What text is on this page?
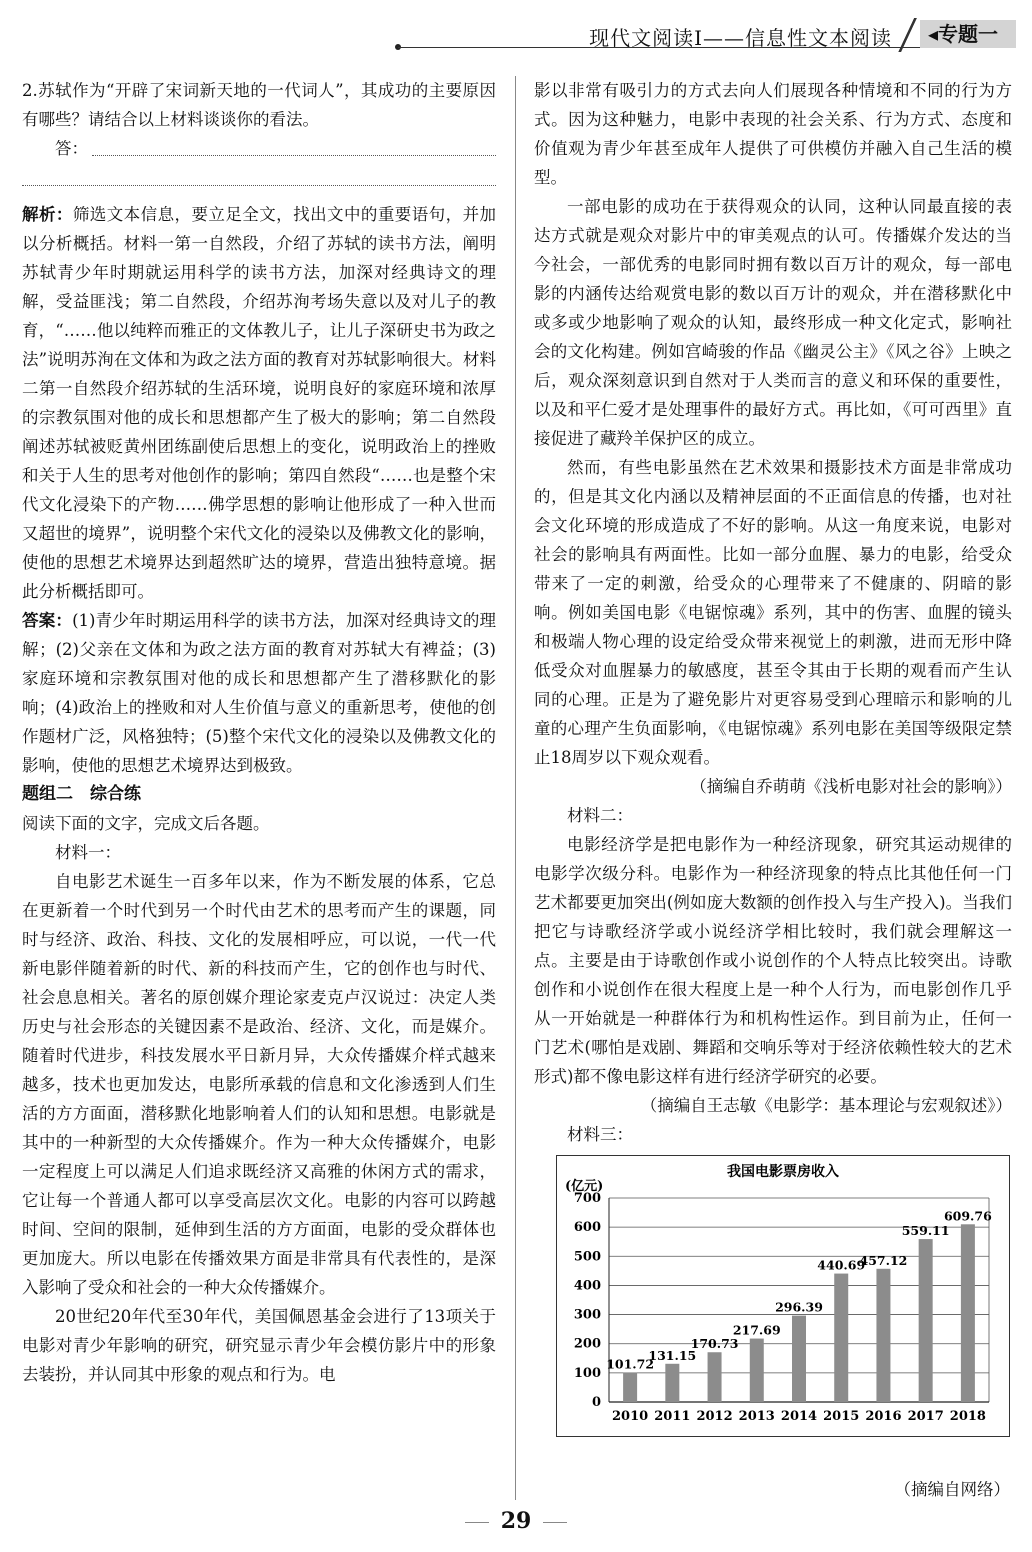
现代文阅读Ⅰ——信息性文本阅读	◂专题一

2.苏轼作为“开辟了宋词新天地的一代词人”，其成功的主要原因有哪些？请结合以上材料谈谈你的看法。

答：

解析：筛选文本信息，要立足全文，找出文中的重要语句，并加以分析概括。材料一第一自然段，介绍了苏轼的读书方法，阐明苏轼青少年时期就运用科学的读书方法，加深对经典诗文的理解，受益匪浅；第二自然段，介绍苏洵考场失意以及对儿子的教育，“……他以纯粹而雅正的文体教儿子，让儿子深研史书为政之法”说明苏洵在文体和为政之法方面的教育对苏轼影响很大。材料二第一自然段介绍苏轼的生活环境，说明良好的家庭环境和浓厚的宗教氛围对他的成长和思想都产生了极大的影响；第二自然段阐述苏轼被贬黄州团练副使后思想上的变化，说明政治上的挫败和关于人生的思考对他创作的影响；第四自然段“……也是整个宋代文化浸染下的产物……佛学思想的影响让他形成了一种入世而又超世的境界”，说明整个宋代文化的浸染以及佛教文化的影响，使他的思想艺术境界达到超然旷达的境界，营造出独特意境。据此分析概括即可。

答案：(1)青少年时期运用科学的读书方法，加深对经典诗文的理解；(2)父亲在文体和为政之法方面的教育对苏轼大有裨益；(3)家庭环境和宗教氛围对他的成长和思想都产生了潜移默化的影响；(4)政治上的挫败和对人生价值与意义的重新思考，使他的创作题材广泛，风格独特；(5)整个宋代文化的浸染以及佛教文化的影响，使他的思想艺术境界达到极致。

题组二　综合练

阅读下面的文字，完成文后各题。

材料一：

自电影艺术诞生一百多年以来，作为不断发展的体系，它总在更新着一个时代到另一个时代由艺术的思考而产生的课题，同时与经济、政治、科技、文化的发展相呼应，可以说，一代一代新电影伴随着新的时代、新的科技而产生，它的创作也与时代、社会息息相关。著名的原创媒介理论家麦克卢汉说过：决定人类历史与社会形态的关键因素不是政治、经济、文化，而是媒介。随着时代进步，科技发展水平日新月异，大众传播媒介样式越来越多，技术也更加发达，电影所承载的信息和文化渗透到人们生活的方方面面，潜移默化地影响着人们的认知和思想。电影就是其中的一种新型的大众传播媒介。作为一种大众传播媒介，电影一定程度上可以满足人们追求既经济又高雅的休闲方式的需求，它让每一个普通人都可以享受高层次文化。电影的内容可以跨越时间、空间的限制，延伸到生活的方方面面，电影的受众群体也更加庞大。所以电影在传播效果方面是非常具有代表性的，是深入影响了受众和社会的一种大众传播媒介。

20世纪20年代至30年代，美国佩恩基金会进行了13项关于电影对青少年影响的研究，研究显示青少年会模仿影片中的形象去装扮，并认同其中形象的观点和行为。电

影以非常有吸引力的方式去向人们展现各种情境和不同的行为方式。因为这种魅力，电影中表现的社会关系、行为方式、态度和价值观为青少年甚至成年人提供了可供模仿并融入自己生活的模型。

一部电影的成功在于获得观众的认同，这种认同最直接的表达方式就是观众对影片中的审美观点的认可。传播媒介发达的当今社会，一部优秀的电影同时拥有数以百万计的观众，每一部电影的内涵传达给观赏电影的数以百万计的观众，并在潜移默化中或多或少地影响了观众的认知，最终形成一种文化定式，影响社会的文化构建。例如宫崎骏的作品《幽灵公主》《风之谷》上映之后，观众深刻意识到自然对于人类而言的意义和环保的重要性，以及和平仁爱才是处理事件的最好方式。再比如，《可可西里》直接促进了藏羚羊保护区的成立。

然而，有些电影虽然在艺术效果和摄影技术方面是非常成功的，但是其文化内涵以及精神层面的不正面信息的传播，也对社会文化环境的形成造成了不好的影响。从这一角度来说，电影对社会的影响具有两面性。比如一部分血腥、暴力的电影，给受众带来了一定的刺激，给受众的心理带来了不健康的、阴暗的影响。例如美国电影《电锯惊魂》系列，其中的伤害、血腥的镜头和极端人物心理的设定给受众带来视觉上的刺激，进而无形中降低受众对血腥暴力的敏感度，甚至令其由于长期的观看而产生认同的心理。正是为了避免影片对更容易受到心理暗示和影响的儿童的心理产生负面影响，《电锯惊魂》系列电影在美国等级限定禁止18周岁以下观众观看。

（摘编自乔萌萌《浅析电影对社会的影响》）

材料二：

电影经济学是把电影作为一种经济现象，研究其运动规律的电影学次级分科。电影作为一种经济现象的特点比其他任何一门艺术都要更加突出(例如庞大数额的创作投入与生产投入)。当我们把它与诗歌经济学或小说经济学相比较时，我们就会理解这一点。主要是由于诗歌创作或小说创作的个人特点比较突出。诗歌创作和小说创作在很大程度上是一种个人行为，而电影创作几乎从一开始就是一种群体行为和机构性运作。到目前为止，任何一门艺术(哪怕是戏剧、舞蹈和交响乐等对于经济依赖性较大的艺术形式)都不像电影这样有进行经济学研究的必要。

（摘编自王志敏《电影学：基本理论与宏观叙述》）

材料三：

我国电影票房收入
(亿元)
0
100
200
300
400
500
600
700
101.72
2010
131.15
2011
170.73
2012
217.69
2013
296.39
2014
440.69
2015
457.12
2016
559.11
2017
609.76
2018
（摘编自网络）
29
